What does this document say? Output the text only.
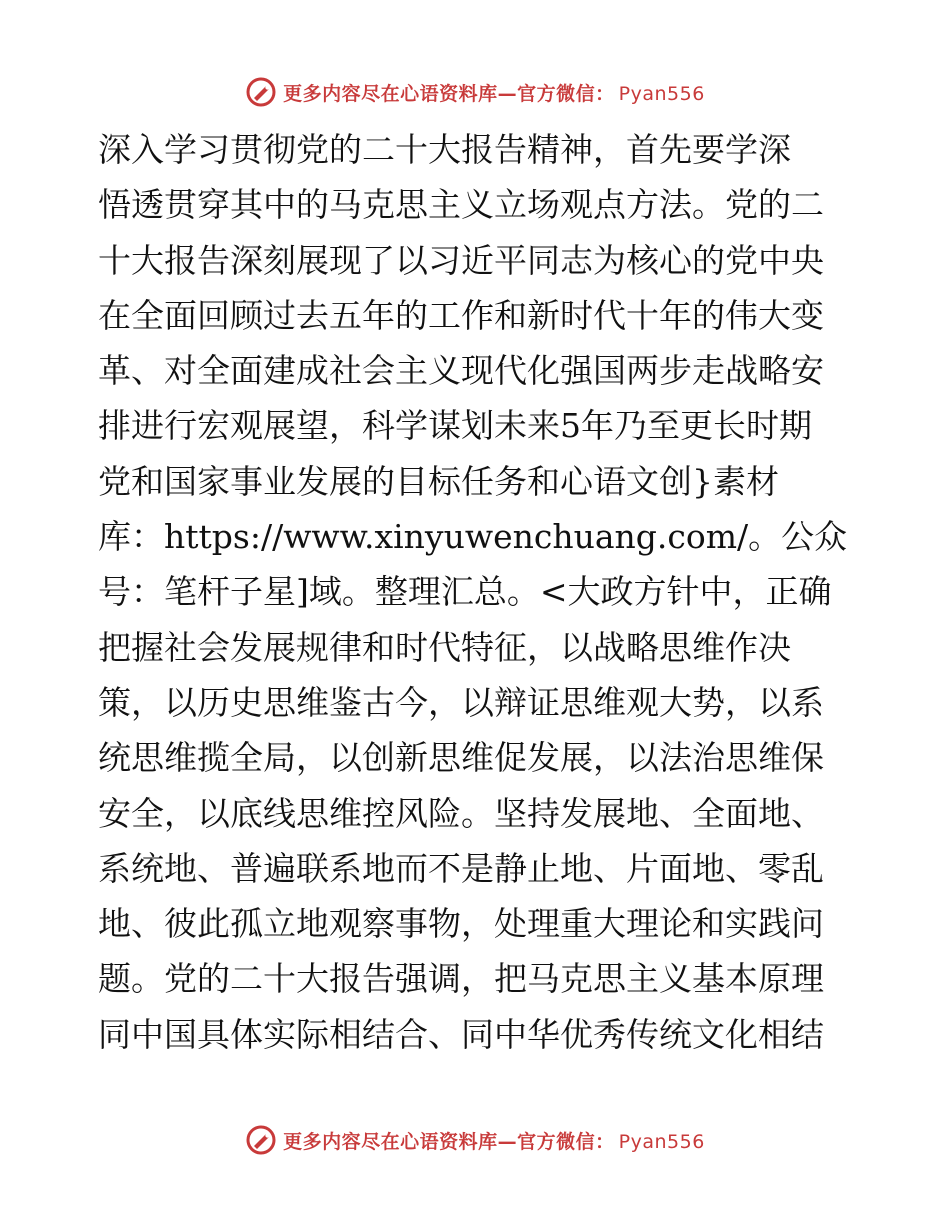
更多内容尽在心语资料库—官方微信： Pyan556
深入学习贯彻党的二十大报告精神，首先要学深
悟透贯穿其中的马克思主义立场观点方法。党的二
十大报告深刻展现了以习近平同志为核心的党中央
在全面回顾过去五年的工作和新时代十年的伟大变
革、对全面建成社会主义现代化强国两步走战略安
排进行宏观展望，科学谋划未来5年乃至更长时期
党和国家事业发展的目标任务和心语文创}素材
库：https://www.xinyuwenchuang.com/。公众
号：笔杆子星]域。整理汇总。<大政方针中，正确
把握社会发展规律和时代特征，以战略思维作决
策，以历史思维鉴古今，以辩证思维观大势，以系
统思维揽全局，以创新思维促发展，以法治思维保
安全，以底线思维控风险。坚持发展地、全面地、
系统地、普遍联系地而不是静止地、片面地、零乱
地、彼此孤立地观察事物，处理重大理论和实践问
题。党的二十大报告强调，把马克思主义基本原理
同中国具体实际相结合、同中华优秀传统文化相结
更多内容尽在心语资料库—官方微信： Pyan556
